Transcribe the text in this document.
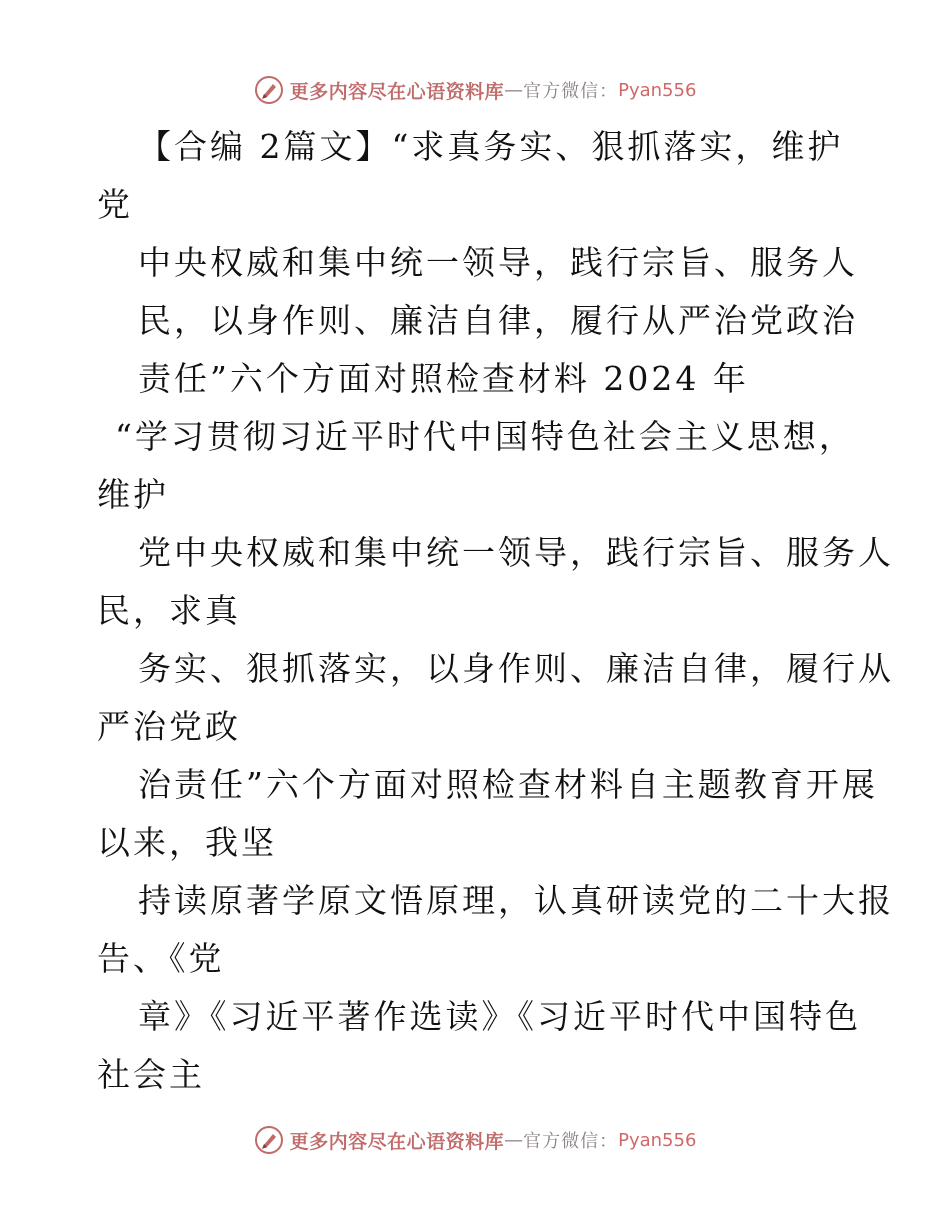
更多内容尽在心语资料库 — 官方微信： Pyan556
【合编 2篇文】“求真务实、狠抓落实，维护
党
中央权威和集中统一领导，践行宗旨、服务人
民，以身作则、廉洁自律，履行从严治党政治
责任”六个方面对照检查材料 2024 年
“学习贯彻习近平时代中国特色社会主义思想，
维护
党中央权威和集中统一领导，践行宗旨、服务人
民，求真
务实、狠抓落实，以身作则、廉洁自律，履行从
严治党政
治责任”六个方面对照检查材料自主题教育开展
以来，我坚
持读原著学原文悟原理，认真研读党的二十大报
告、《党
章》《习近平著作选读》《习近平时代中国特色
社会主
更多内容尽在心语资料库 — 官方微信： Pyan556
